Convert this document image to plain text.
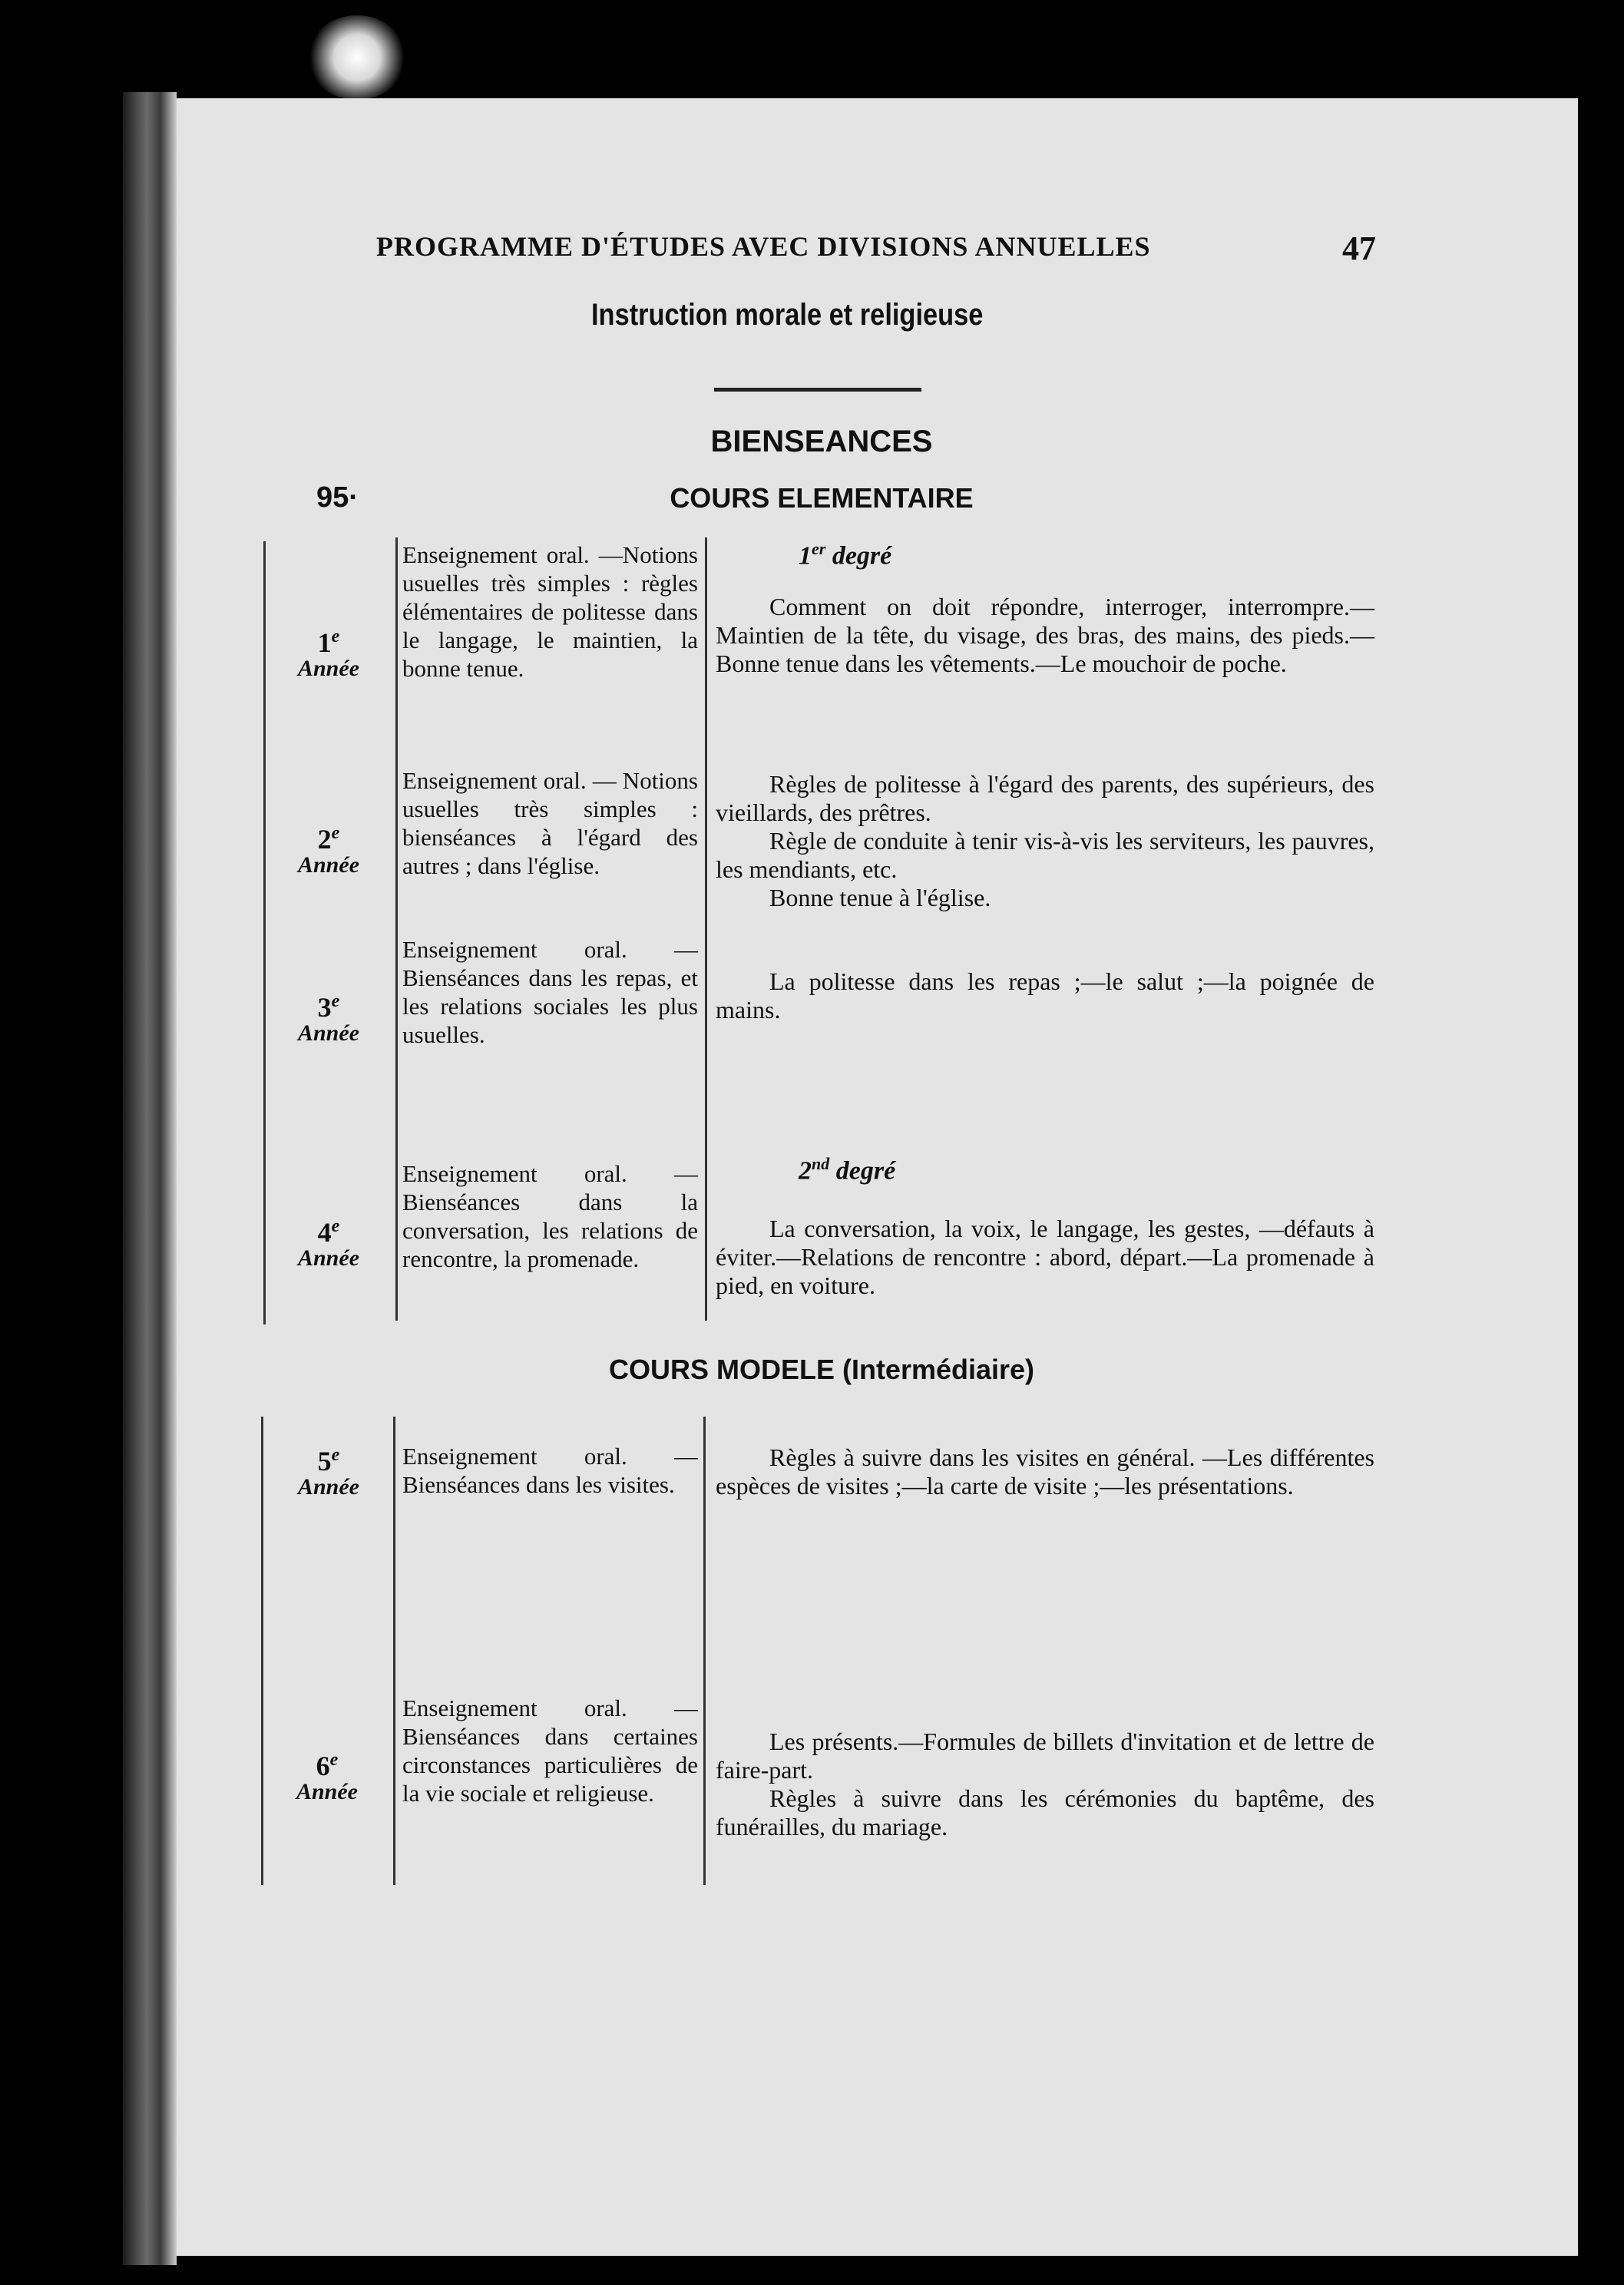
PROGRAMME D'ÉTUDES AVEC DIVISIONS ANNUELLES	47
Instruction morale et religieuse
BIENSEANCES
95·	COURS ELEMENTAIRE
1er degré
2nd degré
COURS MODELE (Intermédiaire)
1e
Année

Enseignement oral. —Notions usuelles très simples : règles élémentaires de politesse dans le langage, le maintien, la bonne tenue.

Comment on doit répondre, interroger, interrompre.—Maintien de la tête, du visage, des bras, des mains, des pieds.—Bonne tenue dans les vêtements.—Le mouchoir de poche.

2e
Année

Enseignement oral. — Notions usuelles très simples : bienséances à l'égard des autres ; dans l'église.

Règles de politesse à l'égard des parents, des supérieurs, des vieillards, des prêtres.

Règle de conduite à tenir vis-à-vis les serviteurs, les pauvres, les mendiants, etc.

Bonne tenue à l'église.

3e
Année

Enseignement oral. —Bienséances dans les repas, et les relations sociales les plus usuelles.

La politesse dans les repas ;—le salut ;—la poignée de mains.

4e
Année

Enseignement oral. —Bienséances dans la conversation, les relations de rencontre, la promenade.

La conversation, la voix, le langage, les gestes, —défauts à éviter.—Relations de rencontre : abord, départ.—La promenade à pied, en voiture.

5e
Année

Enseignement oral. —Bienséances dans les visites.

Règles à suivre dans les visites en général. —Les différentes espèces de visites ;—la carte de visite ;—les présentations.

6e
Année

Enseignement oral. —Bienséances dans certaines circonstances particulières de la vie sociale et religieuse.

Les présents.—Formules de billets d'invitation et de lettre de faire-part.

Règles à suivre dans les cérémonies du baptême, des funérailles, du mariage.
